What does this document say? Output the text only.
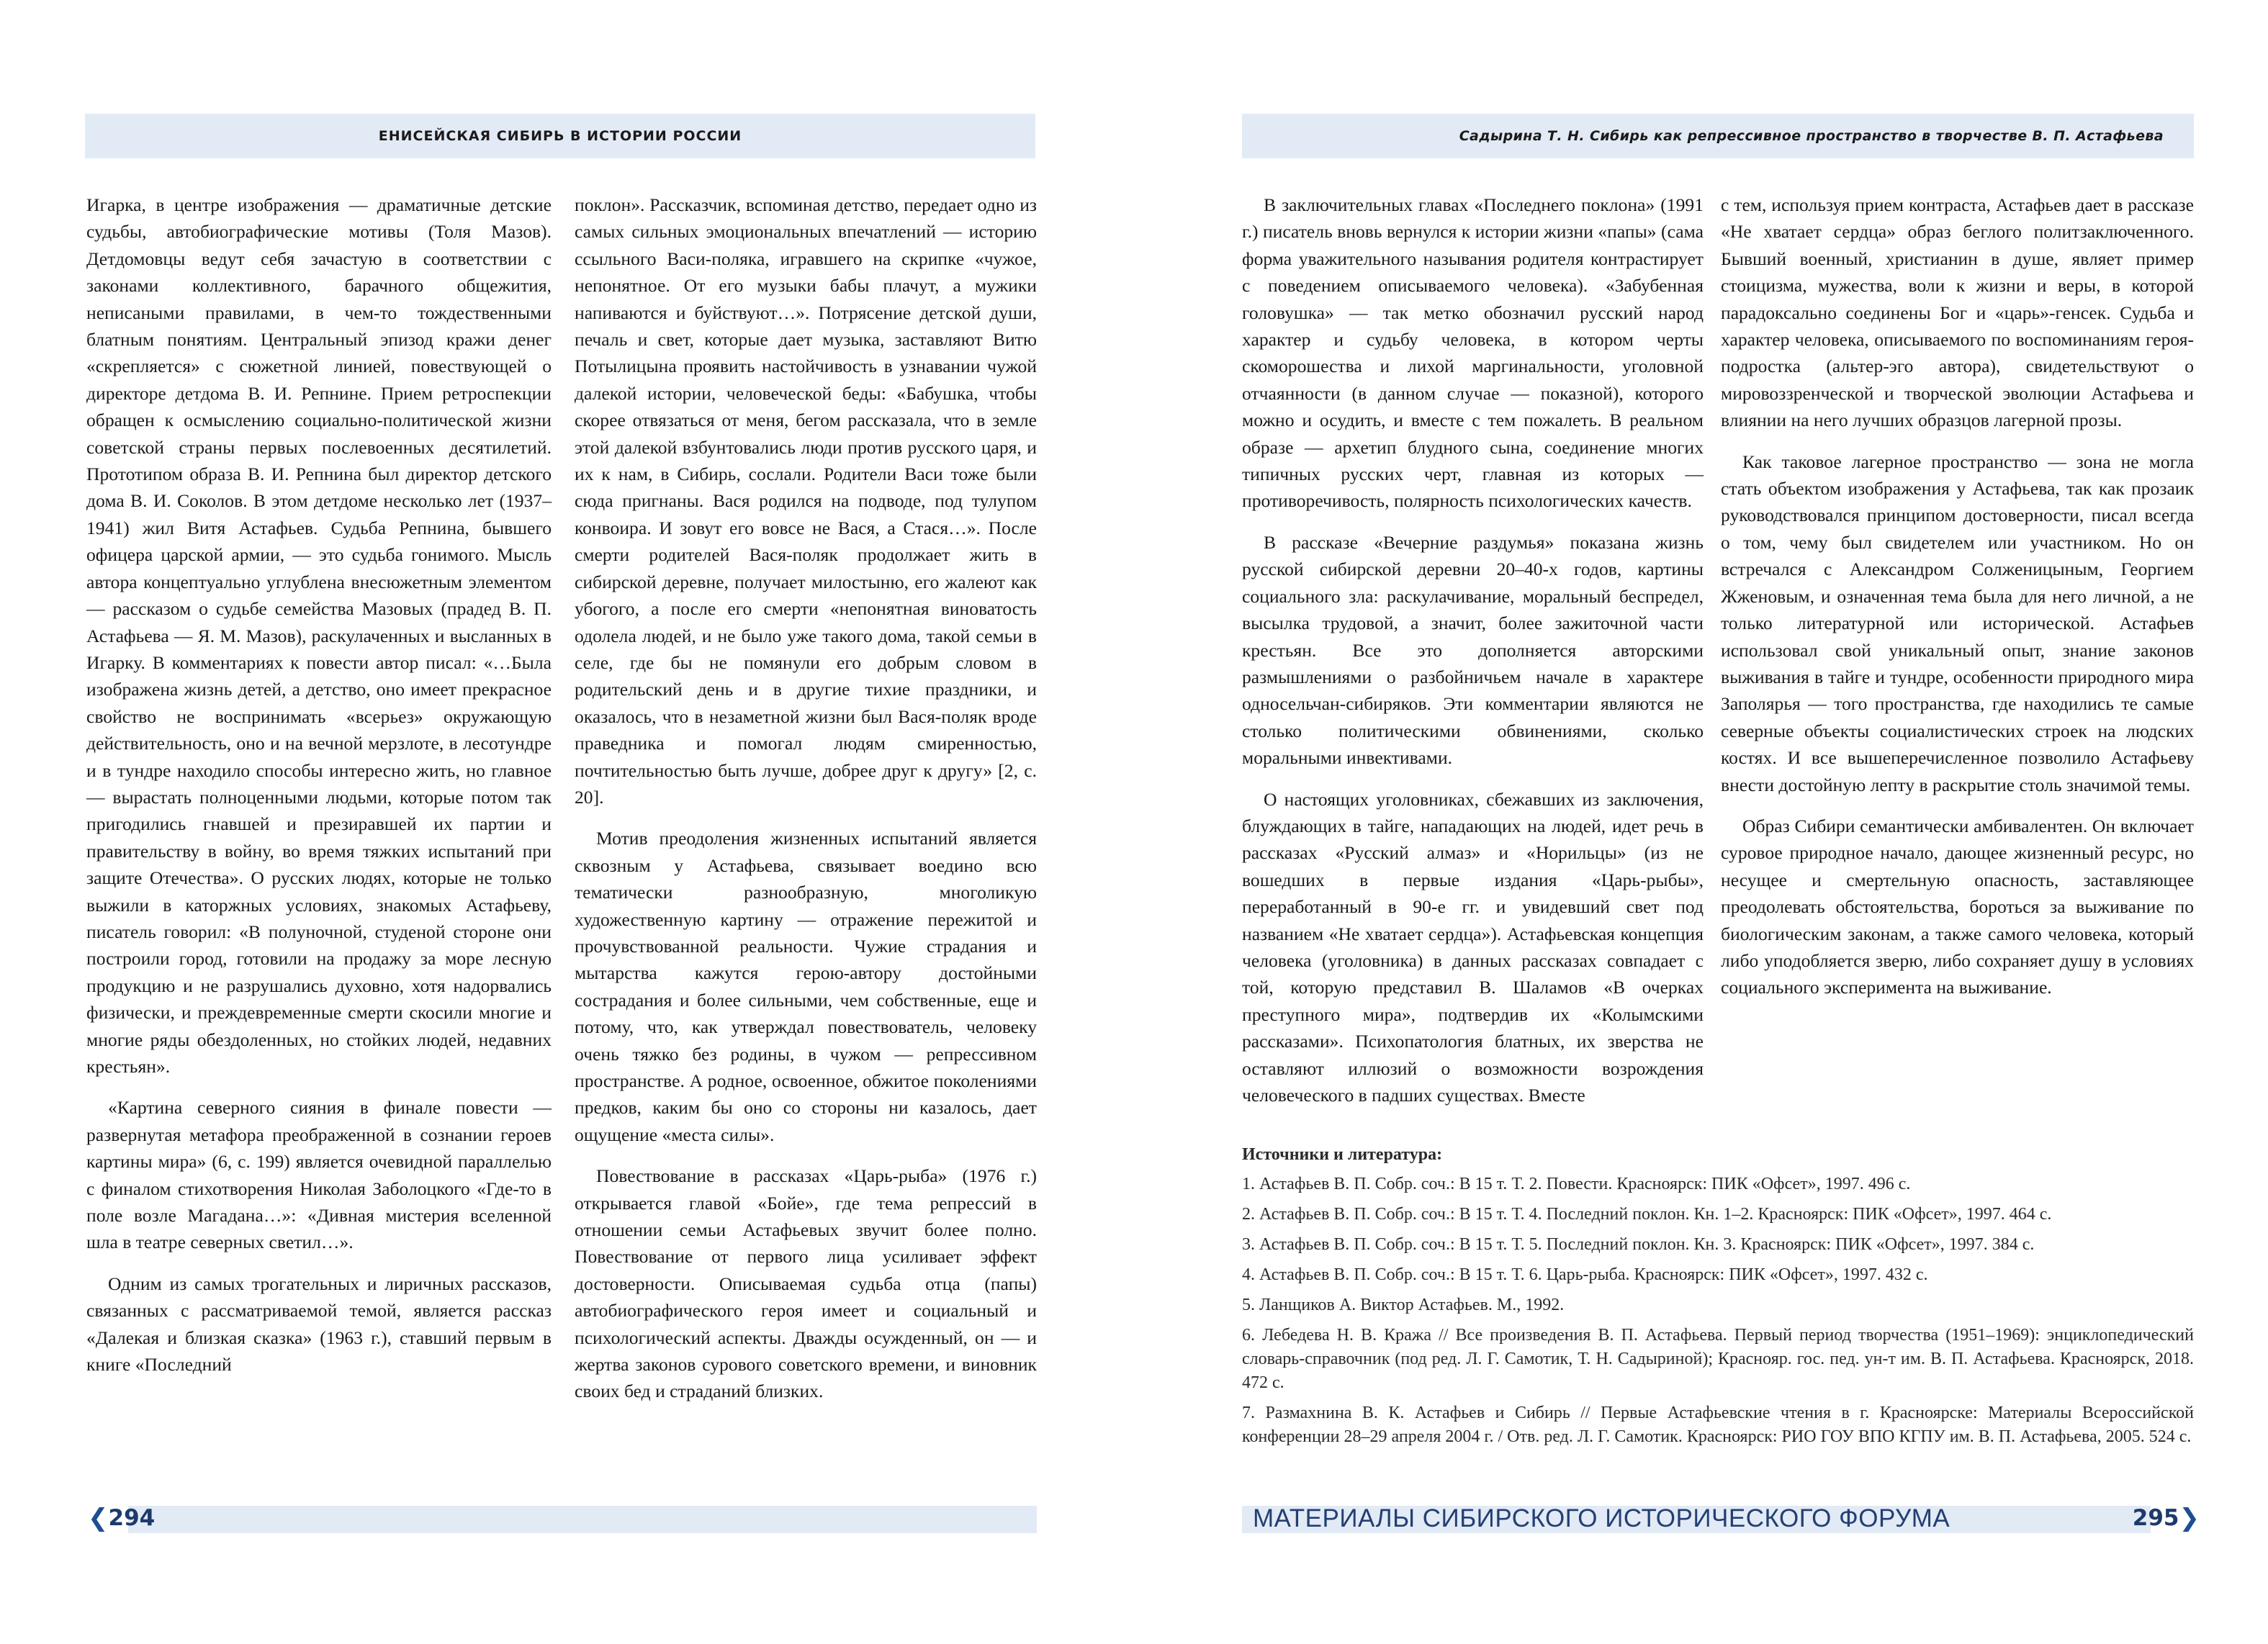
ЕНИСЕЙСКАЯ СИБИРЬ В ИСТОРИИ РОССИИ

Игарка, в центре изображения — драматичные детские судьбы, автобиографические мотивы (Толя Мазов). Детдомовцы ведут себя зачастую в соответствии с законами коллективного, барачного общежития, неписаными правилами, в чем-то тождественными блатным понятиям. Центральный эпизод кражи денег «скрепляется» с сюжетной линией, повествующей о директоре детдома В. И. Репнине. Прием ретроспекции обращен к осмыслению социально-политической жизни советской страны первых послевоенных десятилетий. Прототипом образа В. И. Репнина был директор детского дома В. И. Соколов. В этом детдоме несколько лет (1937–1941) жил Витя Астафьев. Судьба Репнина, бывшего офицера царской армии, — это судьба гонимого. Мысль автора концептуально углублена внесюжетным элементом — рассказом о судьбе семейства Мазовых (прадед В. П. Астафьева — Я. М. Мазов), раскулаченных и высланных в Игарку. В комментариях к повести автор писал: «…Была изображена жизнь детей, а детство, оно имеет прекрасное свойство не воспринимать «всерьез» окружающую действительность, оно и на вечной мерзлоте, в лесотундре и в тундре находило способы интересно жить, но главное — вырастать полноценными людьми, которые потом так пригодились гнавшей и презиравшей их партии и правительству в войну, во время тяжких испытаний при защите Отечества». О русских людях, которые не только выжили в каторжных условиях, знакомых Астафьеву, писатель говорил: «В полуночной, студеной стороне они построили город, готовили на продажу за море лесную продукцию и не разрушались духовно, хотя надорвались физически, и преждевременные смерти скосили многие и многие ряды обездоленных, но стойких людей, недавних крестьян».

«Картина северного сияния в финале повести — развернутая метафора преображенной в сознании героев картины мира» (6, с. 199) является очевидной параллелью с финалом стихотворения Николая Заболоцкого «Где-то в поле возле Магадана…»: «Дивная мистерия вселенной шла в театре северных светил…».

Одним из самых трогательных и лиричных рассказов, связанных с рассматриваемой темой, является рассказ «Далекая и близкая сказка» (1963 г.), ставший первым в книге «Последний

поклон». Рассказчик, вспоминая детство, передает одно из самых сильных эмоциональных впечатлений — историю ссыльного Васи-поляка, игравшего на скрипке «чужое, непонятное. От его музыки бабы плачут, а мужики напиваются и буйствуют…». Потрясение детской души, печаль и свет, которые дает музыка, заставляют Витю Потылицына проявить настойчивость в узнавании чужой далекой истории, человеческой беды: «Бабушка, чтобы скорее отвязаться от меня, бегом рассказала, что в земле этой далекой взбунтовались люди против русского царя, и их к нам, в Сибирь, сослали. Родители Васи тоже были сюда пригнаны. Вася родился на подводе, под тулупом конвоира. И зовут его вовсе не Вася, а Стася…». После смерти родителей Вася-поляк продолжает жить в сибирской деревне, получает милостыню, его жалеют как убогого, а после его смерти «непонятная виноватость одолела людей, и не было уже такого дома, такой семьи в селе, где бы не помянули его добрым словом в родительский день и в другие тихие праздники, и оказалось, что в незаметной жизни был Вася-поляк вроде праведника и помогал людям смиренностью, почтительностью быть лучше, добрее друг к другу» [2, с. 20].

Мотив преодоления жизненных испытаний является сквозным у Астафьева, связывает воедино всю тематически разнообразную, многоликую художественную картину — отражение пережитой и прочувствованной реальности. Чужие страдания и мытарства кажутся герою-автору достойными сострадания и более сильными, чем собственные, еще и потому, что, как утверждал повествователь, человеку очень тяжко без родины, в чужом — репрессивном пространстве. А родное, освоенное, обжитое поколениями предков, каким бы оно со стороны ни казалось, дает ощущение «места силы».

Повествование в рассказах «Царь-рыба» (1976 г.) открывается главой «Бойе», где тема репрессий в отношении семьи Астафьевых звучит более полно. Повествование от первого лица усиливает эффект достоверности. Описываемая судьба отца (папы) автобиографического героя имеет и социальный и психологический аспекты. Дважды осужденный, он — и жертва законов сурового советского времени, и виновник своих бед и страданий близких.

❮ 294
Садырина Т. Н. Сибирь как репрессивное пространство в творчестве В. П. Астафьева

В заключительных главах «Последнего поклона» (1991 г.) писатель вновь вернулся к истории жизни «папы» (сама форма уважительного называния родителя контрастирует с поведением описываемого человека). «Забубенная головушка» — так метко обозначил русский народ характер и судьбу человека, в котором черты скоморошества и лихой маргинальности, уголовной отчаянности (в данном случае — показной), которого можно и осудить, и вместе с тем пожалеть. В реальном образе — архетип блудного сына, соединение многих типичных русских черт, главная из которых — противоречивость, полярность психологических качеств.

В рассказе «Вечерние раздумья» показана жизнь русской сибирской деревни 20–40-х годов, картины социального зла: раскулачивание, моральный беспредел, высылка трудовой, а значит, более зажиточной части крестьян. Все это дополняется авторскими размышлениями о разбойничьем начале в характере односельчан-сибиряков. Эти комментарии являются не столько политическими обвинениями, сколько моральными инвективами.

О настоящих уголовниках, сбежавших из заключения, блуждающих в тайге, нападающих на людей, идет речь в рассказах «Русский алмаз» и «Норильцы» (из не вошедших в первые издания «Царь-рыбы», переработанный в 90-е гг. и увидевший свет под названием «Не хватает сердца»). Астафьевская концепция человека (уголовника) в данных рассказах совпадает с той, которую представил В. Шаламов «В очерках преступного мира», подтвердив их «Колымскими рассказами». Психопатология блатных, их зверства не оставляют иллюзий о возможности возрождения человеческого в падших существах. Вместе

с тем, используя прием контраста, Астафьев дает в рассказе «Не хватает сердца» образ беглого политзаключенного. Бывший военный, христианин в душе, являет пример стоицизма, мужества, воли к жизни и веры, в которой парадоксально соединены Бог и «царь»-генсек. Судьба и характер человека, описываемого по воспоминаниям героя-подростка (альтер-эго автора), свидетельствуют о мировоззренческой и творческой эволюции Астафьева и влиянии на него лучших образцов лагерной прозы.

Как таковое лагерное пространство — зона не могла стать объектом изображения у Астафьева, так как прозаик руководствовался принципом достоверности, писал всегда о том, чему был свидетелем или участником. Но он встречался с Александром Солженицыным, Георгием Жженовым, и означенная тема была для него личной, а не только литературной или исторической. Астафьев использовал свой уникальный опыт, знание законов выживания в тайге и тундре, особенности природного мира Заполярья — того пространства, где находились те самые северные объекты социалистических строек на людских костях. И все вышеперечисленное позволило Астафьеву внести достойную лепту в раскрытие столь значимой темы.

Образ Сибири семантически амбивалентен. Он включает суровое природное начало, дающее жизненный ресурс, но несущее и смертельную опасность, заставляющее преодолевать обстоятельства, бороться за выживание по биологическим законам, а также самого человека, который либо уподобляется зверю, либо сохраняет душу в условиях социального эксперимента на выживание.

Источники и литература:
1. Астафьев В. П. Собр. соч.: В 15 т. Т. 2. Повести. Красноярск: ПИК «Офсет», 1997. 496 с.
2. Астафьев В. П. Собр. соч.: В 15 т. Т. 4. Последний поклон. Кн. 1–2. Красноярск: ПИК «Офсет», 1997. 464 с.
3. Астафьев В. П. Собр. соч.: В 15 т. Т. 5. Последний поклон. Кн. 3. Красноярск: ПИК «Офсет», 1997. 384 с.
4. Астафьев В. П. Собр. соч.: В 15 т. Т. 6. Царь-рыба. Красноярск: ПИК «Офсет», 1997. 432 с.
5. Ланщиков А. Виктор Астафьев. М., 1992.
6. Лебедева Н. В. Кража // Все произведения В. П. Астафьева. Первый период творчества (1951–1969): энциклопедический словарь-справочник (под ред. Л. Г. Самотик, Т. Н. Садыриной); Краснояр. гос. пед. ун-т им. В. П. Астафьева. Красноярск, 2018. 472 с.
7. Размахнина В. К. Астафьев и Сибирь // Первые Астафьевские чтения в г. Красноярске: Материалы Всероссийской конференции 28–29 апреля 2004 г. / Отв. ред. Л. Г. Самотик. Красноярск: РИО ГОУ ВПО КГПУ им. В. П. Астафьева, 2005. 524 с.
МАТЕРИАЛЫ СИБИРСКОГО ИСТОРИЧЕСКОГО ФОРУМА	295 ❯
